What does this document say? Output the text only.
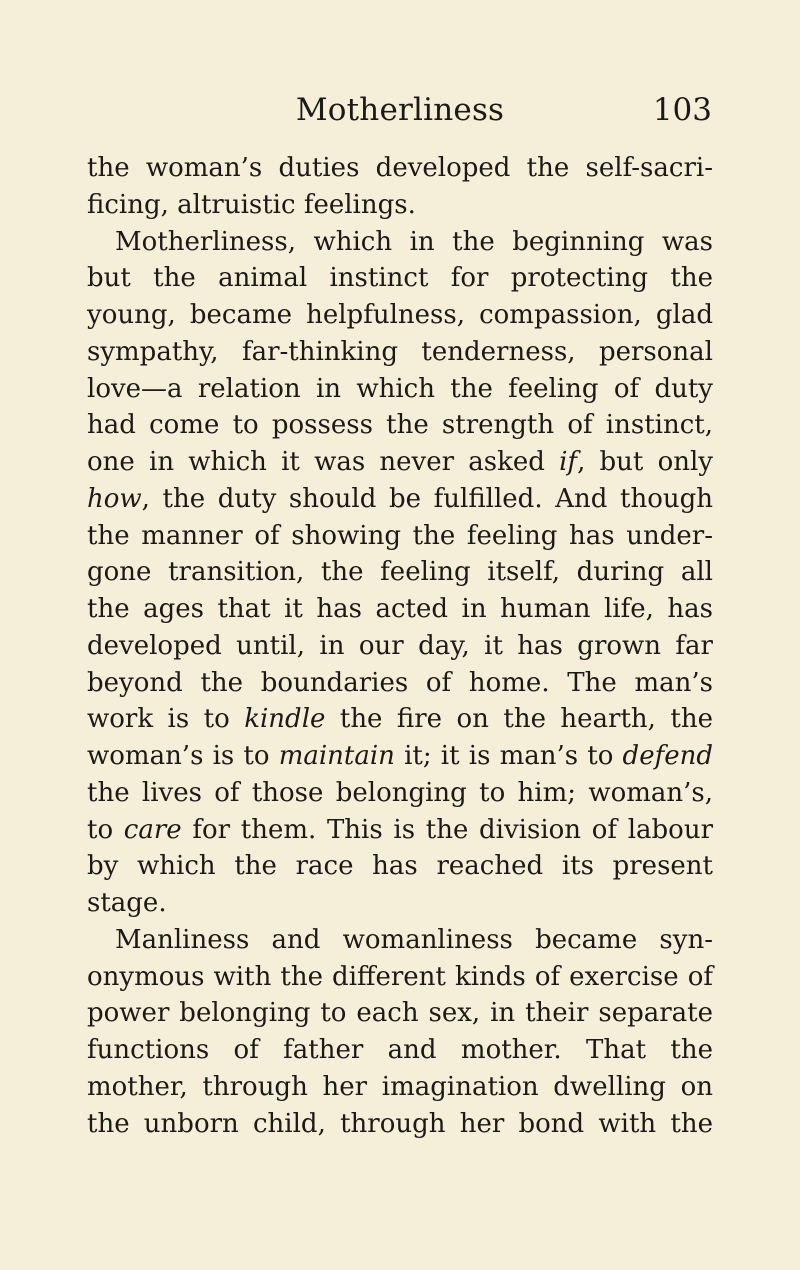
Motherliness	103
the woman’s duties developed the self-sacri-
ficing, altruistic feelings.
Motherliness, which in the beginning was
but the animal instinct for protecting the
young, became helpfulness, compassion, glad
sympathy, far-thinking tenderness, personal
love—a relation in which the feeling of duty
had come to possess the strength of instinct,
one in which it was never asked if, but only
how, the duty should be fulfilled. And though
the manner of showing the feeling has under-
gone transition, the feeling itself, during all
the ages that it has acted in human life, has
developed until, in our day, it has grown far
beyond the boundaries of home. The man’s
work is to kindle the fire on the hearth, the
woman’s is to maintain it; it is man’s to defend
the lives of those belonging to him; woman’s,
to care for them. This is the division of labour
by which the race has reached its present
stage.
Manliness and womanliness became syn-
onymous with the different kinds of exercise of
power belonging to each sex, in their separate
functions of father and mother. That the
mother, through her imagination dwelling on
the unborn child, through her bond with the
